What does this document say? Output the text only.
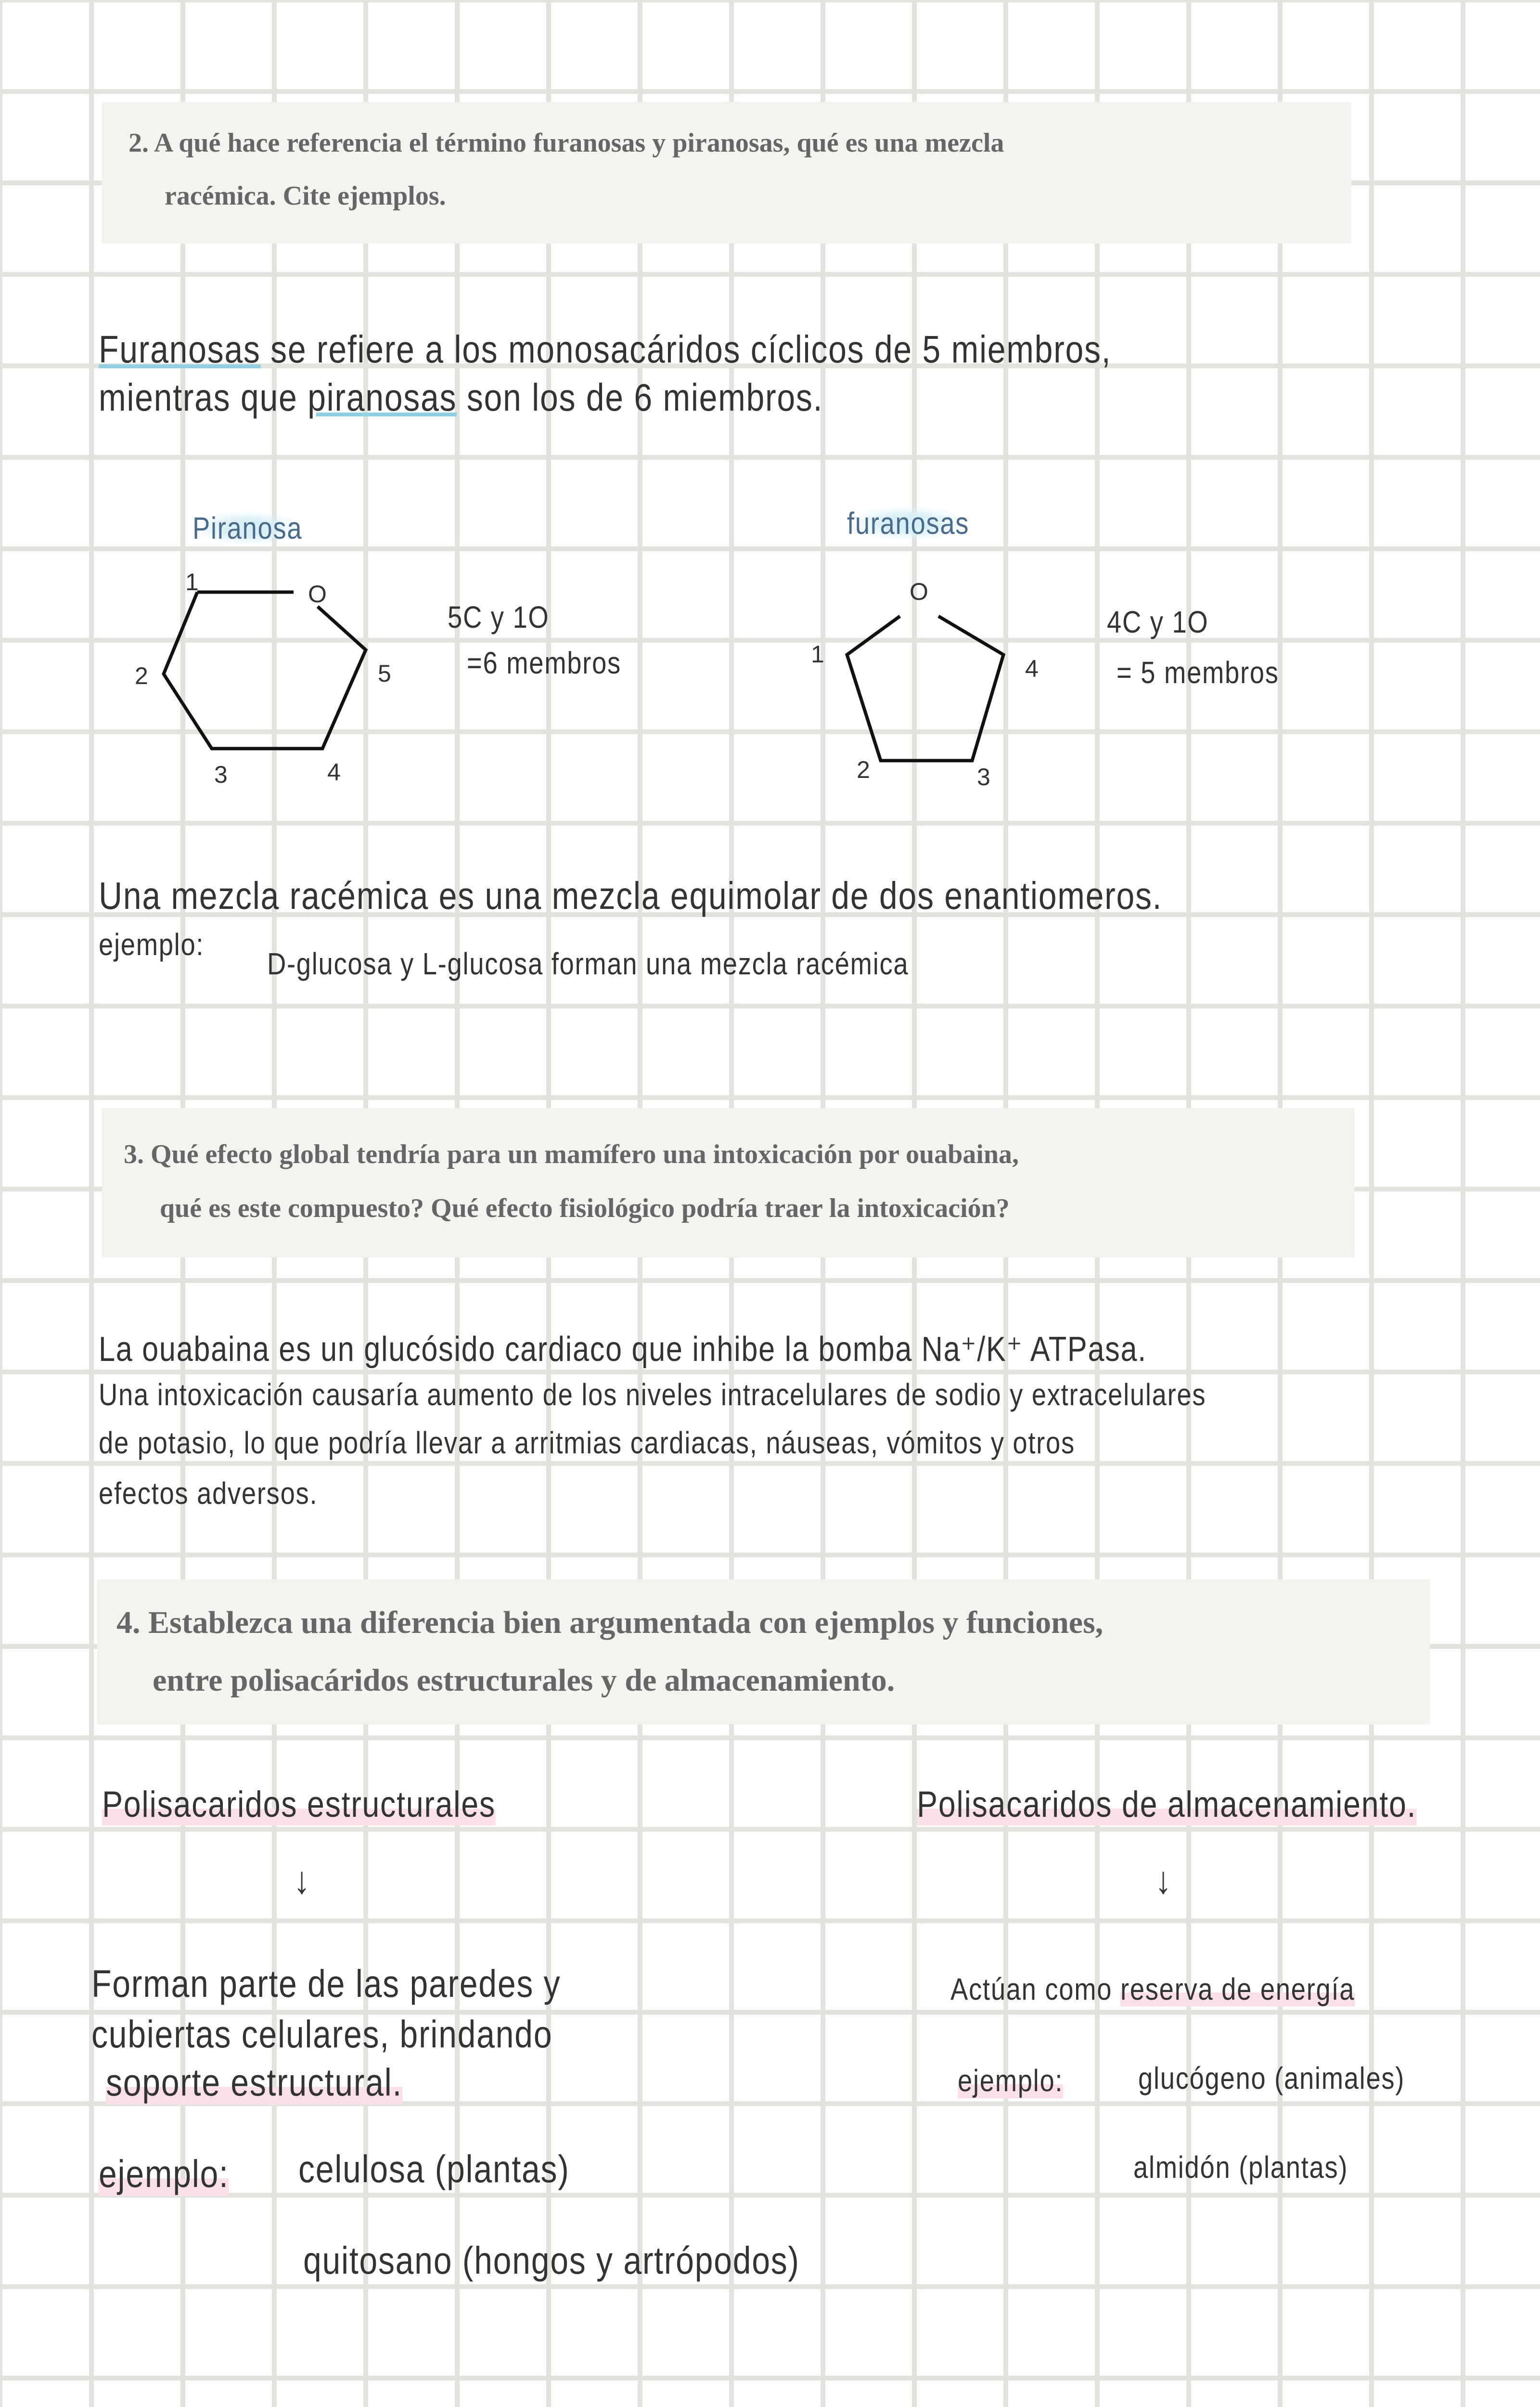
2. A qué hace referencia el término furanosas y piranosas, qué es una mezcla

racémica. Cite ejemplos.

Furanosas se refiere a los monosacáridos cíclicos de 5 miembros,
mientras que piranosas son los de 6 miembros.
Piranosa
O
1
2
3	4
5
5C y 1O
=6 membros
furanosas
O
1
2	3
4
4C y 1O
= 5 membros
Una mezcla racémica es una mezcla equimolar de dos enantiomeros.
ejemplo:
D-glucosa y L-glucosa forman una mezcla racémica

3. Qué efecto global tendría para un mamífero una intoxicación por ouabaina,

qué es este compuesto? Qué efecto fisiológico podría traer la intoxicación?

La ouabaina es un glucósido cardiaco que inhibe la bomba Na⁺/K⁺ ATPasa.
Una intoxicación causaría aumento de los niveles intracelulares de sodio y extracelulares
de potasio, lo que podría llevar a arritmias cardiacas, náuseas, vómitos y otros
efectos adversos.

4. Establezca una diferencia bien argumentada con ejemplos y funciones,

entre polisacáridos estructurales y de almacenamiento.

Polisacaridos estructurales
↓
Forman parte de las paredes y
cubiertas celulares, brindando
soporte estructural.
ejemplo: celulosa (plantas)
quitosano (hongos y artrópodos)
Polisacaridos de almacenamiento.
↓
Actúan como reserva de energía
ejemplo: glucógeno (animales)
almidón (plantas)
